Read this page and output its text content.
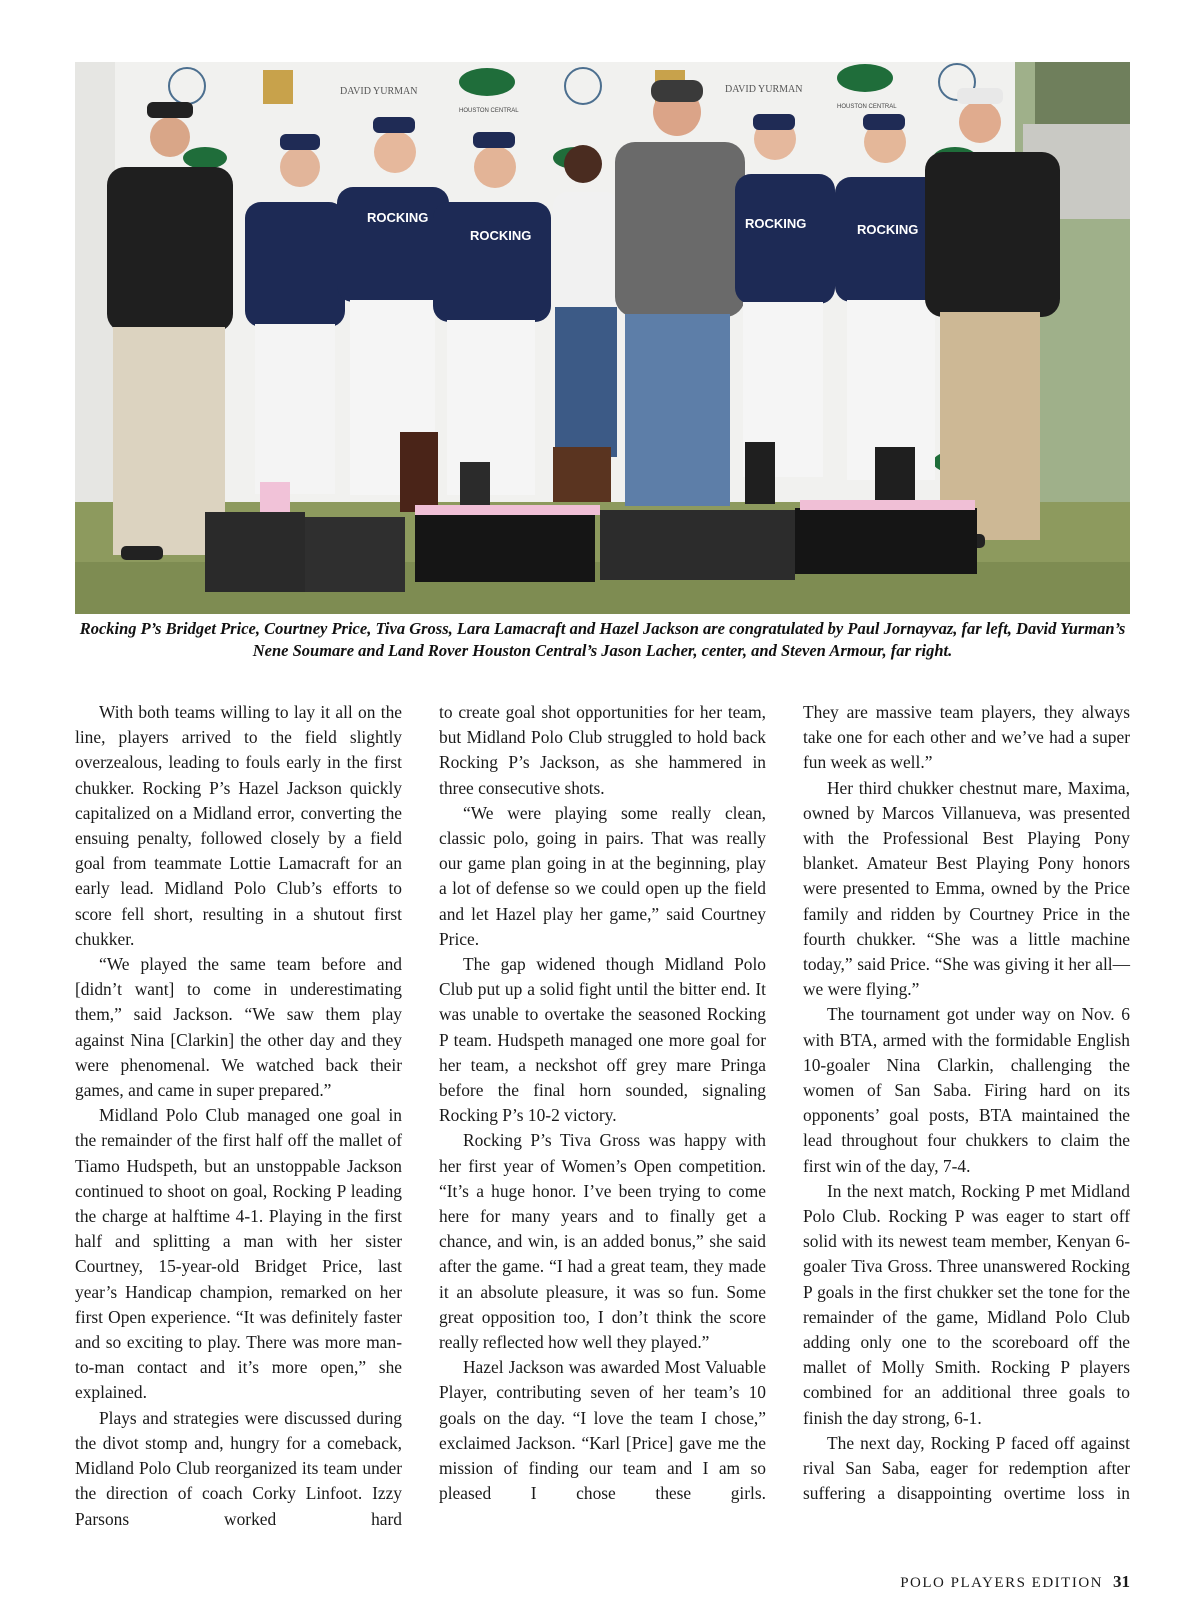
DAVID YURMAN
HOUSTON CENTRAL
DAVID YURMAN
HOUSTON CENTRAL
ROCKING
ROCKING
ROCKING	ROCKING

Rocking P’s Bridget Price, Courtney Price, Tiva Gross, Lara Lamacraft and Hazel Jackson are congratulated by Paul Jornayvaz, far left, David Yurman’s Nene Soumare and Land Rover Houston Central’s Jason Lacher, center, and Steven Armour, far right.

With both teams willing to lay it all on the line, players arrived to the field slightly overzealous, leading to fouls early in the first chukker. Rocking P’s Hazel Jackson quickly capitalized on a Midland error, converting the ensuing penalty, followed closely by a field goal from teammate Lottie Lamacraft for an early lead. Midland Polo Club’s efforts to score fell short, resulting in a shutout first chukker.

“We played the same team before and [didn’t want] to come in underestimating them,” said Jackson. “We saw them play against Nina [Clarkin] the other day and they were phenomenal. We watched back their games, and came in super prepared.”

Midland Polo Club managed one goal in the remainder of the first half off the mallet of Tiamo Hudspeth, but an unstoppable Jackson continued to shoot on goal, Rocking P leading the charge at halftime 4-1. Playing in the first half and splitting a man with her sister Courtney, 15-year-old Bridget Price, last year’s Handicap champion, remarked on her first Open experience. “It was definitely faster and so exciting to play. There was more man-to-man contact and it’s more open,” she explained.

Plays and strategies were discussed during the divot stomp and, hungry for a comeback, Midland Polo Club reorganized its team under the direction of coach Corky Linfoot. Izzy Parsons worked hard

to create goal shot opportunities for her team, but Midland Polo Club struggled to hold back Rocking P’s Jackson, as she hammered in three consecutive shots.

“We were playing some really clean, classic polo, going in pairs. That was really our game plan going in at the beginning, play a lot of defense so we could open up the field and let Hazel play her game,” said Courtney Price.

The gap widened though Midland Polo Club put up a solid fight until the bitter end. It was unable to overtake the seasoned Rocking P team. Hudspeth managed one more goal for her team, a neckshot off grey mare Pringa before the final horn sounded, signaling Rocking P’s 10-2 victory.

Rocking P’s Tiva Gross was happy with her first year of Women’s Open competition. “It’s a huge honor. I’ve been trying to come here for many years and to finally get a chance, and win, is an added bonus,” she said after the game. “I had a great team, they made it an absolute pleasure, it was so fun. Some great opposition too, I don’t think the score really reflected how well they played.”

Hazel Jackson was awarded Most Valuable Player, contributing seven of her team’s 10 goals on the day. “I love the team I chose,” exclaimed Jackson. “Karl [Price] gave me the mission of finding our team and I am so pleased I chose these girls.

They are massive team players, they always take one for each other and we’ve had a super fun week as well.”

Her third chukker chestnut mare, Maxima, owned by Marcos Villanueva, was presented with the Professional Best Playing Pony blanket. Amateur Best Playing Pony honors were presented to Emma, owned by the Price family and ridden by Courtney Price in the fourth chukker. “She was a little machine today,” said Price. “She was giving it her all—we were flying.”

The tournament got under way on Nov. 6 with BTA, armed with the formidable English 10-goaler Nina Clarkin, challenging the women of San Saba. Firing hard on its opponents’ goal posts, BTA maintained the lead throughout four chukkers to claim the first win of the day, 7-4.

In the next match, Rocking P met Midland Polo Club. Rocking P was eager to start off solid with its newest team member, Kenyan 6-goaler Tiva Gross. Three unanswered Rocking P goals in the first chukker set the tone for the remainder of the game, Midland Polo Club adding only one to the scoreboard off the mallet of Molly Smith. Rocking P players combined for an additional three goals to finish the day strong, 6-1.

The next day, Rocking P faced off against rival San Saba, eager for redemption after suffering a disappointing overtime loss in

POLO PLAYERS EDITION 31
